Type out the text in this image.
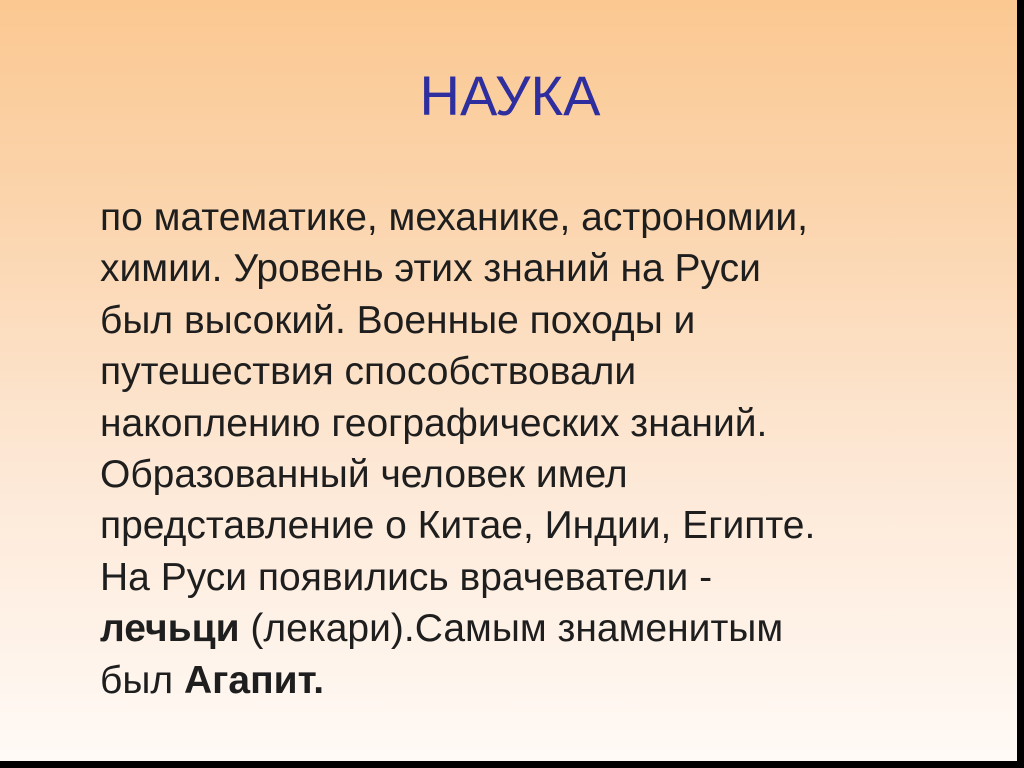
НАУКА
по математике, механике, астрономии,
химии. Уровень этих знаний на Руси
был высокий. Военные походы и
путешествия способствовали
накоплению географических знаний.
Образованный человек имел
представление о Китае, Индии, Египте.
На Руси появились врачеватели -
лечьци (лекари).Самым знаменитым
был Агапит.
